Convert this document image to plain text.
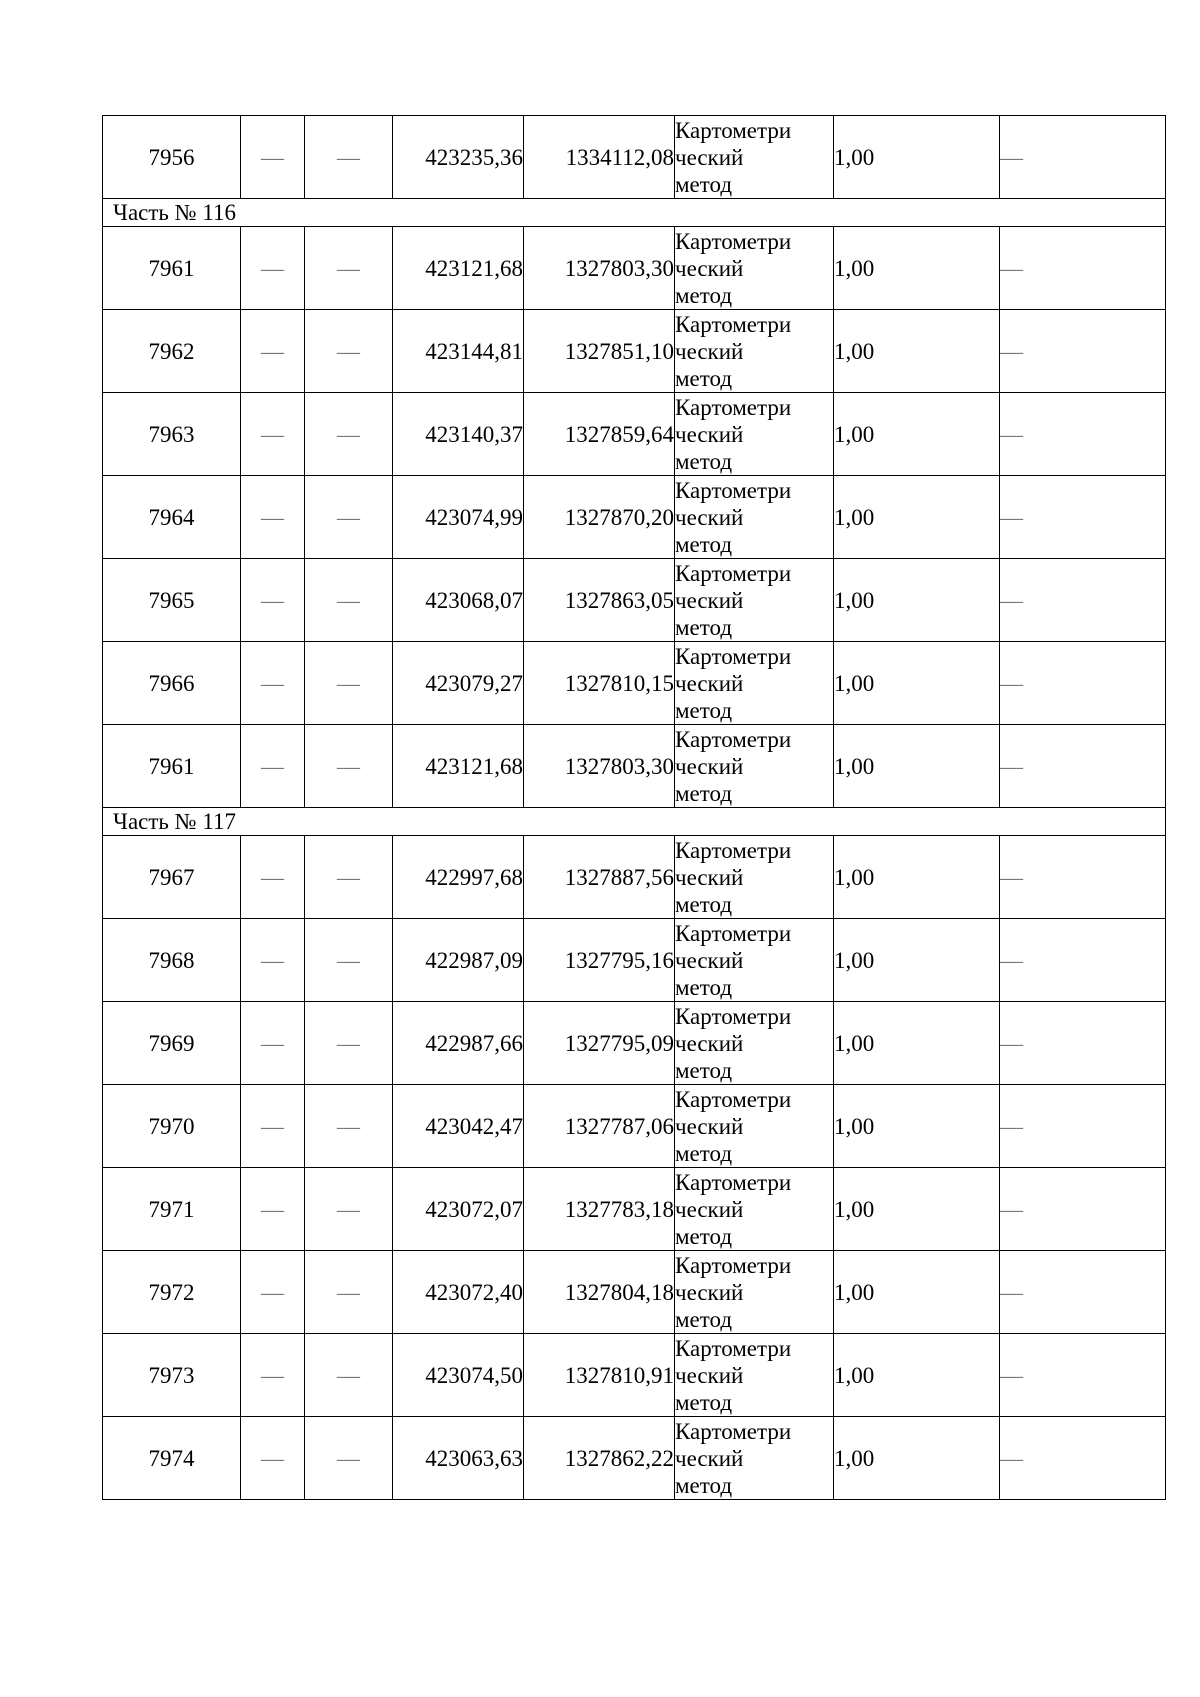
7956	—	—	423235,36	1334112,08	Картометри
ческий
метод	1,00	—
Часть № 116							
7961	—	—	423121,68	1327803,30	Картометри
ческий
метод	1,00	—
7962	—	—	423144,81	1327851,10	Картометри
ческий
метод	1,00	—
7963	—	—	423140,37	1327859,64	Картометри
ческий
метод	1,00	—
7964	—	—	423074,99	1327870,20	Картометри
ческий
метод	1,00	—
7965	—	—	423068,07	1327863,05	Картометри
ческий
метод	1,00	—
7966	—	—	423079,27	1327810,15	Картометри
ческий
метод	1,00	—
7961	—	—	423121,68	1327803,30	Картометри
ческий
метод	1,00	—
Часть № 117							
7967	—	—	422997,68	1327887,56	Картометри
ческий
метод	1,00	—
7968	—	—	422987,09	1327795,16	Картометри
ческий
метод	1,00	—
7969	—	—	422987,66	1327795,09	Картометри
ческий
метод	1,00	—
7970	—	—	423042,47	1327787,06	Картометри
ческий
метод	1,00	—
7971	—	—	423072,07	1327783,18	Картометри
ческий
метод	1,00	—
7972	—	—	423072,40	1327804,18	Картометри
ческий
метод	1,00	—
7973	—	—	423074,50	1327810,91	Картометри
ческий
метод	1,00	—
7974	—	—	423063,63	1327862,22	Картометри
ческий
метод	1,00	—
